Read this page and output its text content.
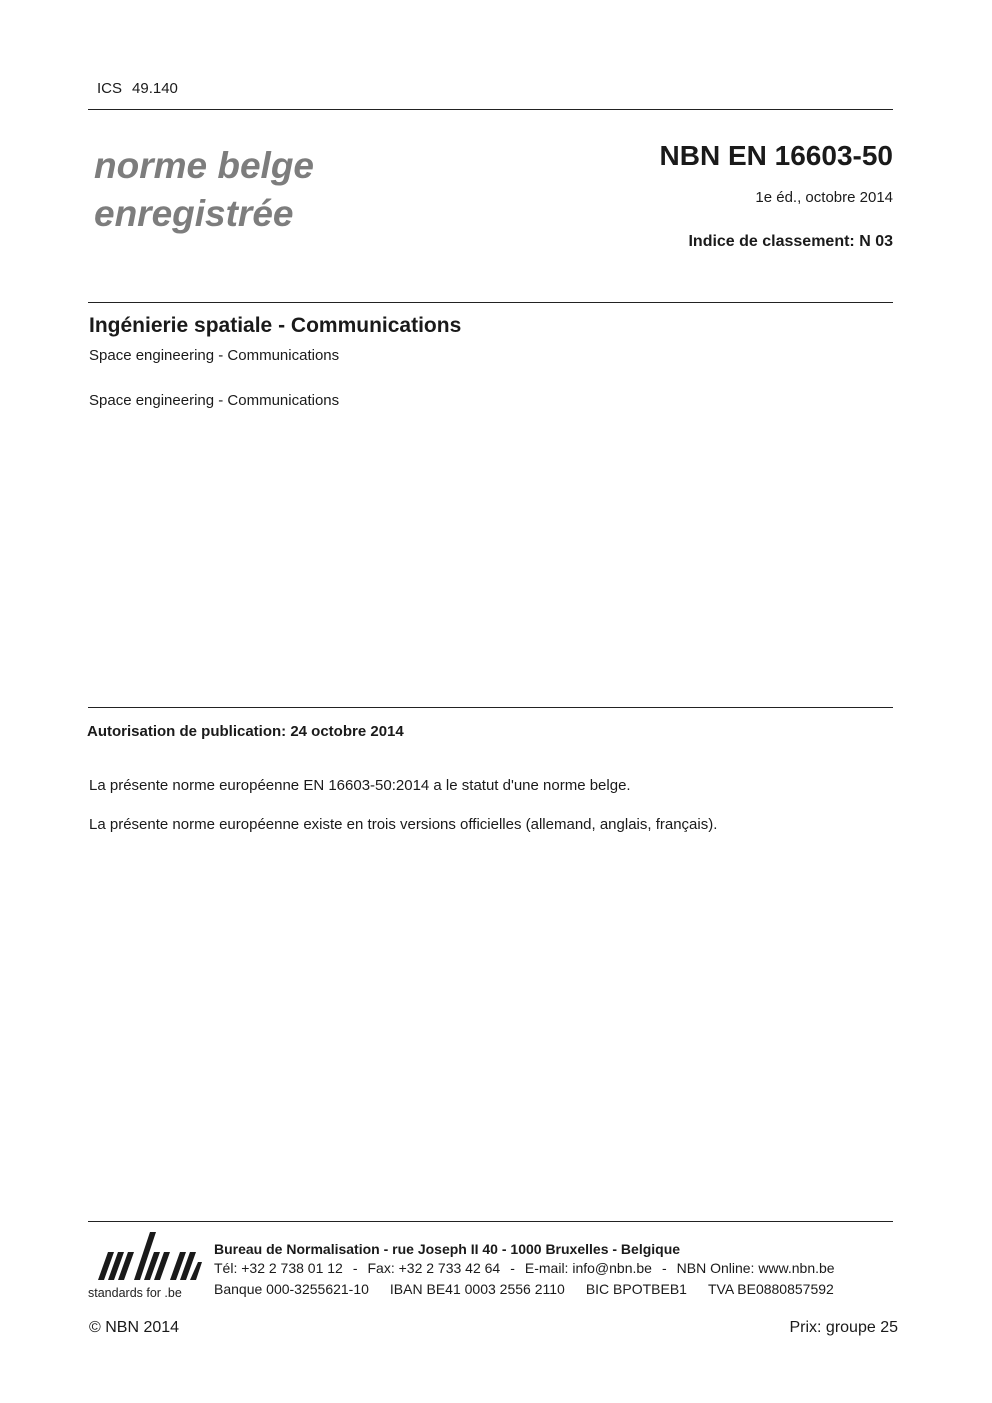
ICS 49.140
norme belge
enregistrée
NBN EN 16603-50
1e éd., octobre 2014
Indice de classement: N 03
Ingénierie spatiale - Communications
Space engineering - Communications
Space engineering - Communications
Autorisation de publication: 24 octobre 2014
La présente norme européenne EN 16603-50:2014 a le statut d'une norme belge.
La présente norme européenne existe en trois versions officielles (allemand, anglais, français).
standards for .be
Bureau de Normalisation - rue Joseph II 40 - 1000 Bruxelles - Belgique
Tél: +32 2 738 01 12 - Fax: +32 2 733 42 64 - E-mail: info@nbn.be - NBN Online: www.nbn.be
Banque 000-3255621-10 IBAN BE41 0003 2556 2110 BIC BPOTBEB1 TVA BE0880857592
© NBN 2014	Prix: groupe 25
